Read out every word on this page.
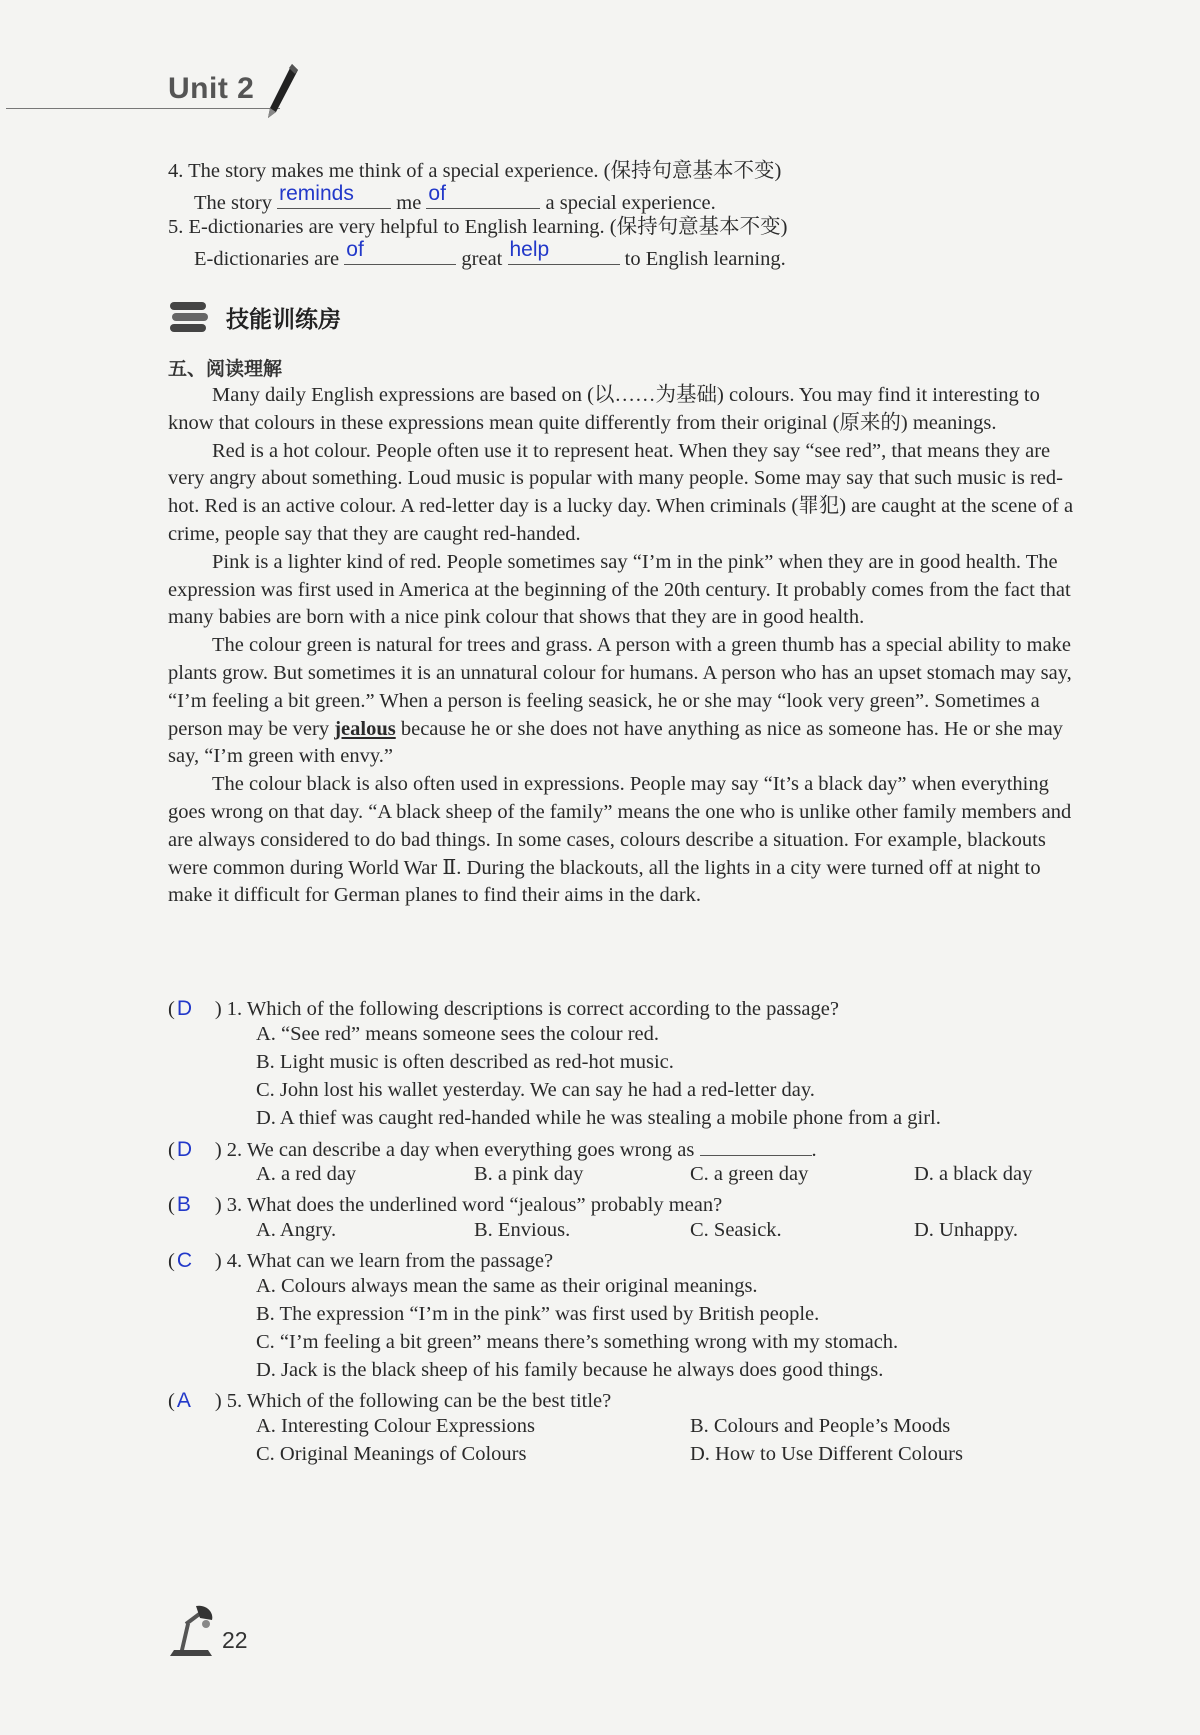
Unit 2
4. The story makes me think of a special experience. (保持句意基本不变)
The story reminds me of	a special experience.
5. E-dictionaries are very helpful to English learning. (保持句意基本不变)
E-dictionaries are of	great help	to English learning.
技能训练房
五、阅读理解

Many daily English expressions are based on (以……为基础) colours. You may find it interesting to know that colours in these expressions mean quite differently from their original (原来的) meanings.

Red is a hot colour. People often use it to represent heat. When they say “see red”, that means they are very angry about something. Loud music is popular with many people. Some may say that such music is red-hot. Red is an active colour. A red-letter day is a lucky day. When criminals (罪犯) are caught at the scene of a crime, people say that they are caught red-handed.

Pink is a lighter kind of red. People sometimes say “I’m in the pink” when they are in good health. The expression was first used in America at the beginning of the 20th century. It probably comes from the fact that many babies are born with a nice pink colour that shows that they are in good health.

The colour green is natural for trees and grass. A person with a green thumb has a special ability to make plants grow. But sometimes it is an unnatural colour for humans. A person who has an upset stomach may say, “I’m feeling a bit green.” When a person is feeling seasick, he or she may “look very green”. Sometimes a person may be very jealous because he or she does not have anything as nice as someone has. He or she may say, “I’m green with envy.”

The colour black is also often used in expressions. People may say “It’s a black day” when everything goes wrong on that day. “A black sheep of the family” means the one who is unlike other family members and are always considered to do bad things. In some cases, colours describe a situation. For example, blackouts were common during World War Ⅱ. During the blackouts, all the lights in a city were turned off at night to make it difficult for German planes to find their aims in the dark.

(D ) 1. Which of the following descriptions is correct according to the passage?
A. “See red” means someone sees the colour red.
B. Light music is often described as red-hot music.
C. John lost his wallet yesterday. We can say he had a red-letter day.
D. A thief was caught red-handed while he was stealing a mobile phone from a girl.
(D ) 2. We can describe a day when everything goes wrong as	.
A. a red day	B. a pink day	C. a green day	D. a black day
(B ) 3. What does the underlined word “jealous” probably mean?
A. Angry.	B. Envious.	C. Seasick.	D. Unhappy.
(C ) 4. What can we learn from the passage?
A. Colours always mean the same as their original meanings.
B. The expression “I’m in the pink” was first used by British people.
C. “I’m feeling a bit green” means there’s something wrong with my stomach.
D. Jack is the black sheep of his family because he always does good things.
(A ) 5. Which of the following can be the best title?
A. Interesting Colour Expressions	B. Colours and People’s Moods
C. Original Meanings of Colours	D. How to Use Different Colours
22
